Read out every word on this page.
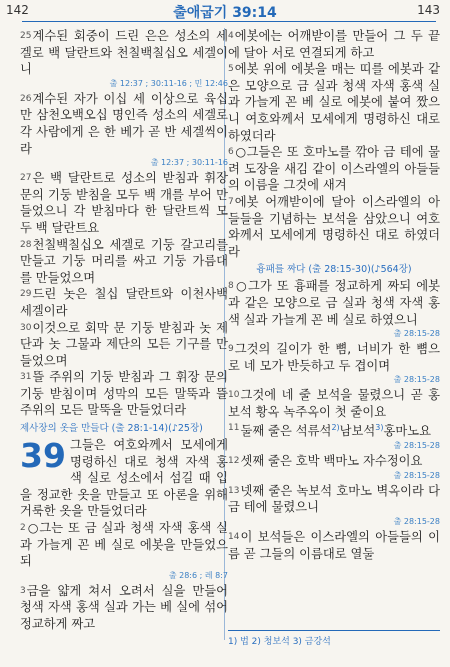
142	출애굽기 39:14	143

$^{25}$계수된 회중이 드린 은은 성소의 세겔로 백 달란트와 천칠백칠십오 세겔이니

출 12:37 ; 30:11-16 ; 민 12:46

$^{26}$계수된 자가 이십 세 이상으로 육십만 삼천오백오십 명인즉 성소의 세겔로 각 사람에게 은 한 베가 곧 반 세겔씩이라

출 12:37 ; 30:11-16

$^{27}$은 백 달란트로 성소의 받침과 휘장 문의 기둥 받침을 모두 백 개를 부어 만들었으니 각 받침마다 한 달란트씩 모두 백 달란트요

$^{28}$천칠백칠십오 세겔로 기둥 갈고리를 만들고 기둥 머리를 싸고 기둥 가름대를 만들었으며

$^{29}$드린 놋은 칠십 달란트와 이천사백 세겔이라

$^{30}$이것으로 회막 문 기둥 받침과 놋 제단과 놋 그물과 제단의 모든 기구를 만들었으며

$^{31}$뜰 주위의 기둥 받침과 그 휘장 문의 기둥 받침이며 성막의 모든 말뚝과 뜰 주위의 모든 말뚝을 만들었더라

제사장의 옷을 만들다 (출 28:1-14)(♪25장)

39 그들은 여호와께서 모세에게 명령하신 대로 청색 자색 홍색 실로 성소에서 섬길 때 입을 정교한 옷을 만들고 또 아론을 위해 거룩한 옷을 만들었더라

$^2$○그는 또 금 실과 청색 자색 홍색 실과 가늘게 꼰 베 실로 에봇을 만들었으되

출 28:6 ; 레 8:7

$^3$금을 얇게 쳐서 오려서 실을 만들어 청색 자색 홍색 실과 가는 베 실에 섞어 정교하게 짜고

$^4$에봇에는 어깨받이를 만들어 그 두 끝에 달아 서로 연결되게 하고

$^5$에봇 위에 에봇을 매는 띠를 에봇과 같은 모양으로 금 실과 청색 자색 홍색 실과 가늘게 꼰 베 실로 에봇에 붙여 짰으니 여호와께서 모세에게 명령하신 대로 하였더라

$^6$○그들은 또 호마노를 깎아 금 테에 물려 도장을 새김 같이 이스라엘의 아들들의 이름을 그것에 새겨

$^7$에봇 어깨받이에 달아 이스라엘의 아들들을 기념하는 보석을 삼았으니 여호와께서 모세에게 명령하신 대로 하였더라

흉패를 짜다 (출 28:15-30)(♪564장)

$^8$○그가 또 흉패를 정교하게 짜되 에봇과 같은 모양으로 금 실과 청색 자색 홍색 실과 가늘게 꼰 베 실로 하였으니

출 28:15-28

$^9$그것의 길이가 한 뼘, 너비가 한 뼘으로 네 모가 반듯하고 두 겹이며

출 28:15-28

$^{10}$그것에 네 줄 보석을 물렸으니 곧 홍보석 황옥 녹주옥이 첫 줄이요

$^{11}$둘째 줄은 석류석$^{2)}$남보석$^{3)}$홍마노요

출 28:15-28

$^{12}$셋째 줄은 호박 백마노 자수정이요

출 28:15-28

$^{13}$넷째 줄은 녹보석 호마노 벽옥이라 다 금 테에 물렸으니

출 28:15-28

$^{14}$이 보석들은 이스라엘의 아들들의 이름 곧 그들의 이름대로 열둘

1) 법 2) 청보석 3) 금강석
